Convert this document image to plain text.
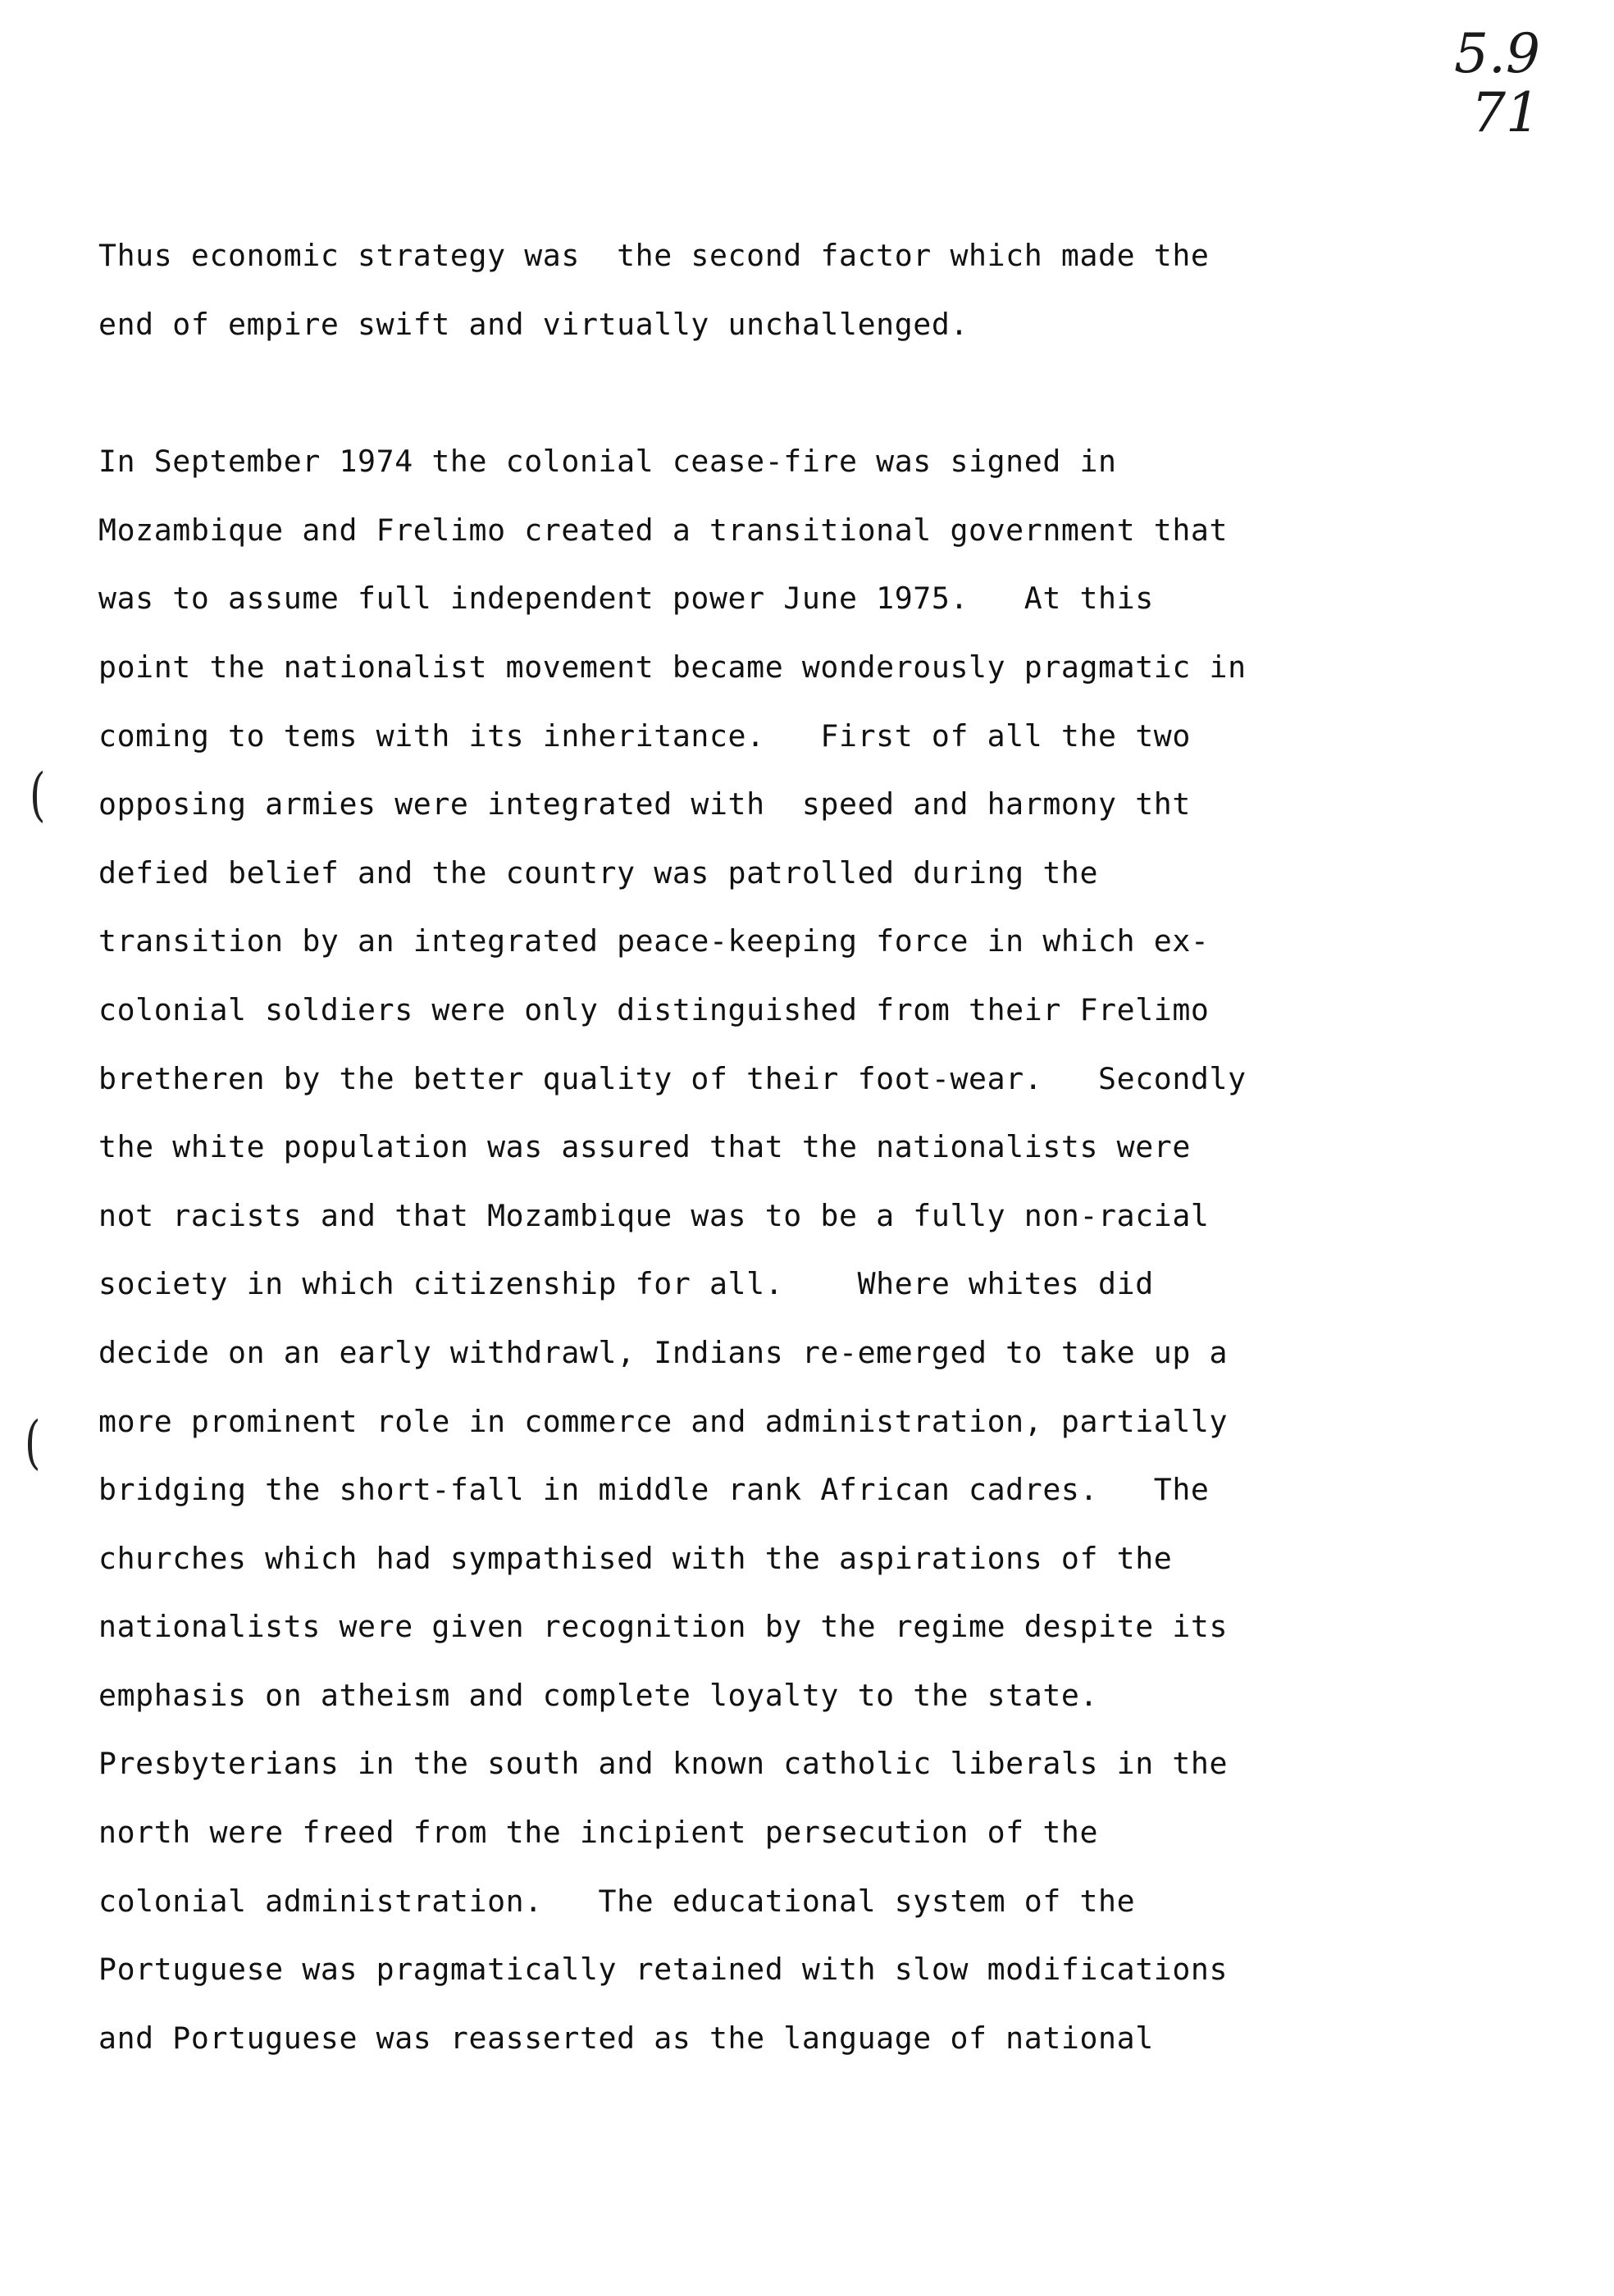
5.9
71
(
(
Thus economic strategy was  the second factor which made the
end of empire swift and virtually unchallenged.
In September 1974 the colonial cease-fire was signed in
Mozambique and Frelimo created a transitional government that
was to assume full independent power June 1975.   At this
point the nationalist movement became wonderously pragmatic in
coming to tems with its inheritance.   First of all the two
opposing armies were integrated with  speed and harmony tht
defied belief and the country was patrolled during the
transition by an integrated peace-keeping force in which ex-
colonial soldiers were only distinguished from their Frelimo
bretheren by the better quality of their foot-wear.   Secondly
the white population was assured that the nationalists were
not racists and that Mozambique was to be a fully non-racial
society in which citizenship for all.    Where whites did
decide on an early withdrawl, Indians re-emerged to take up a
more prominent role in commerce and administration, partially
bridging the short-fall in middle rank African cadres.   The
churches which had sympathised with the aspirations of the
nationalists were given recognition by the regime despite its
emphasis on atheism and complete loyalty to the state.
Presbyterians in the south and known catholic liberals in the
north were freed from the incipient persecution of the
colonial administration.   The educational system of the
Portuguese was pragmatically retained with slow modifications
and Portuguese was reasserted as the language of national
